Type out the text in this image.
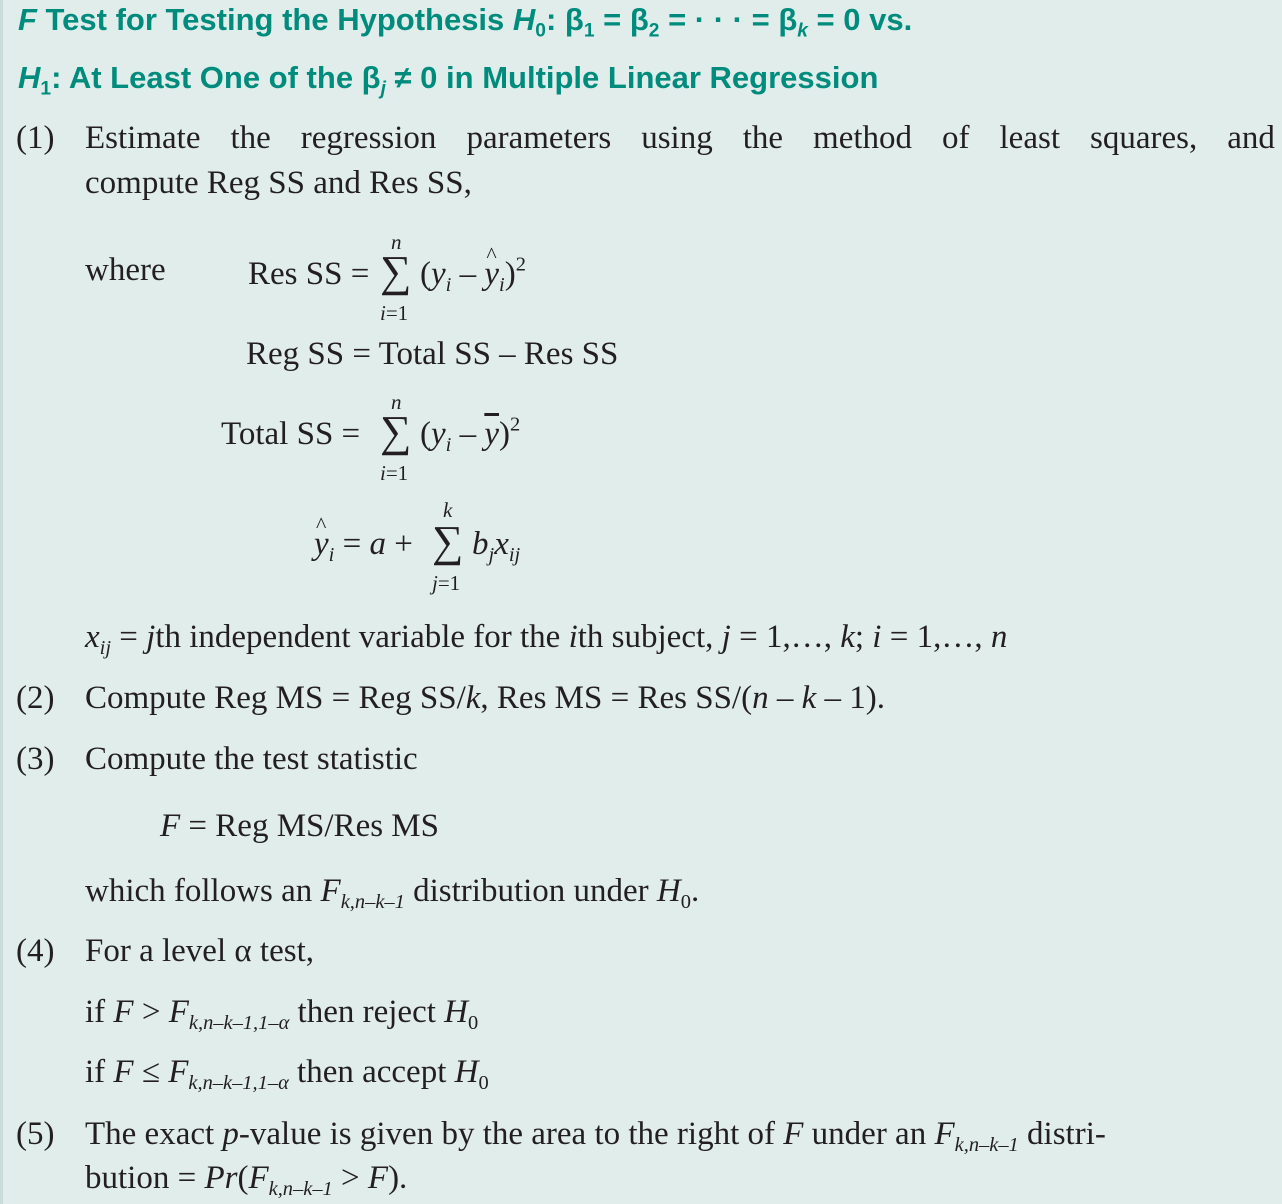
F Test for Testing the Hypothesis $H_0$: $\beta_1 = \beta_2$ = · · · = $\beta_k = 0$ vs.
$H_1$: At Least One of the $\beta_j \ne 0$ in Multiple Linear Regression
(1) Estimate the regression parameters using the method of least squares, and
compute Reg SS and Res SS,
where Res SS =
n
∑
i=1
($y_i$ – y $\^{}_i)^2$
Reg SS = Total SS – Res SS
Total SS =
n
∑
i=1
$(y_i - \overline{y})^2$
y $\^{}_i = a$ +
k
∑
j=1
$b_jx_{ij}$
$x_{ij}$ = jth independent variable for the ith subject, j = 1,…, k; i = 1,…, n
(2) Compute Reg MS = Reg SS/k, Res MS = Res SS/(n – k – 1).
(3) Compute the test statistic
F = Reg MS/Res MS
which follows an $F_{k,n-k-1}$ distribution under $H_0$.
(4) For a level α test,
if $F > F_{k,n-k-1,1-\alpha}$ then reject $H_0$
if $F \le F_{k,n-k-1,1-\alpha}$ then accept $H_0$
(5) The exact p-value is given by the area to the right of F under an $F_{k,n-k-1}$ distri-
bution = $Pr(F_{k,n-k-1} > F)$.
